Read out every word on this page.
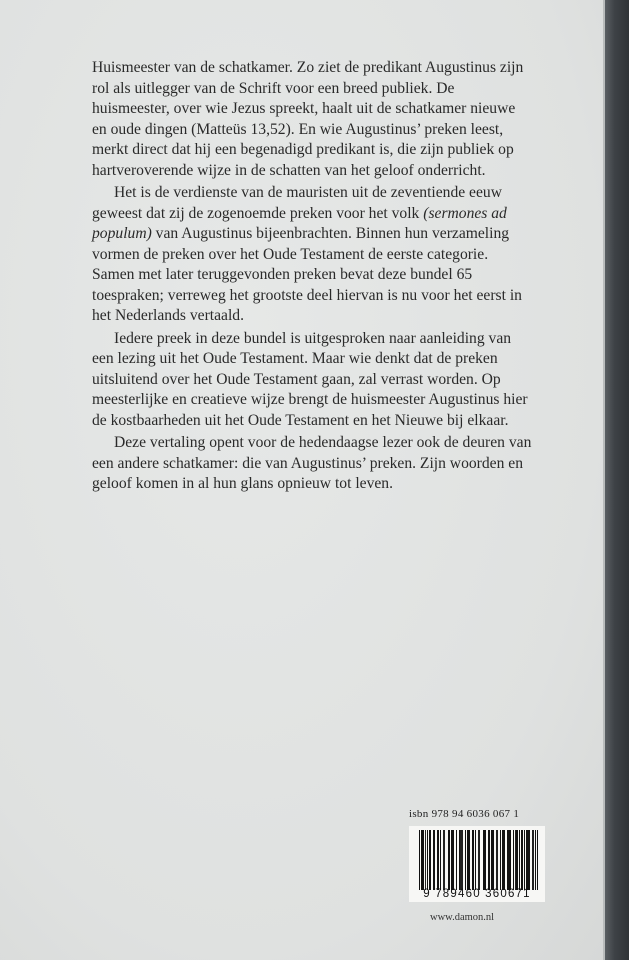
Huismeester van de schatkamer. Zo ziet de predikant Augustinus zijn rol als uitlegger van de Schrift voor een breed publiek. De huismeester, over wie Jezus spreekt, haalt uit de schatkamer nieuwe en oude dingen (Matteüs 13,52). En wie Augustinus’ preken leest, merkt direct dat hij een begenadigd predikant is, die zijn publiek op hartveroverende wijze in de schatten van het geloof onderricht.

Het is de verdienste van de mauristen uit de zeventiende eeuw geweest dat zij de zogenoemde preken voor het volk (sermones ad populum) van Augustinus bijeenbrachten. Binnen hun verzameling vormen de preken over het Oude Testament de eerste categorie. Samen met later teruggevonden preken bevat deze bundel 65 toespraken; verreweg het grootste deel hiervan is nu voor het eerst in het Nederlands vertaald.

Iedere preek in deze bundel is uitgesproken naar aanleiding van een lezing uit het Oude Testament. Maar wie denkt dat de preken uitsluitend over het Oude Testament gaan, zal verrast worden. Op meesterlijke en creatieve wijze brengt de huismeester Augustinus hier de kostbaarheden uit het Oude Testament en het Nieuwe bij elkaar.

Deze vertaling opent voor de hedendaagse lezer ook de deuren van een andere schatkamer: die van Augustinus’ preken. Zijn woorden en geloof komen in al hun glans opnieuw tot leven.

isbn 978 94 6036 067 1
9 789460 360671
www.damon.nl
